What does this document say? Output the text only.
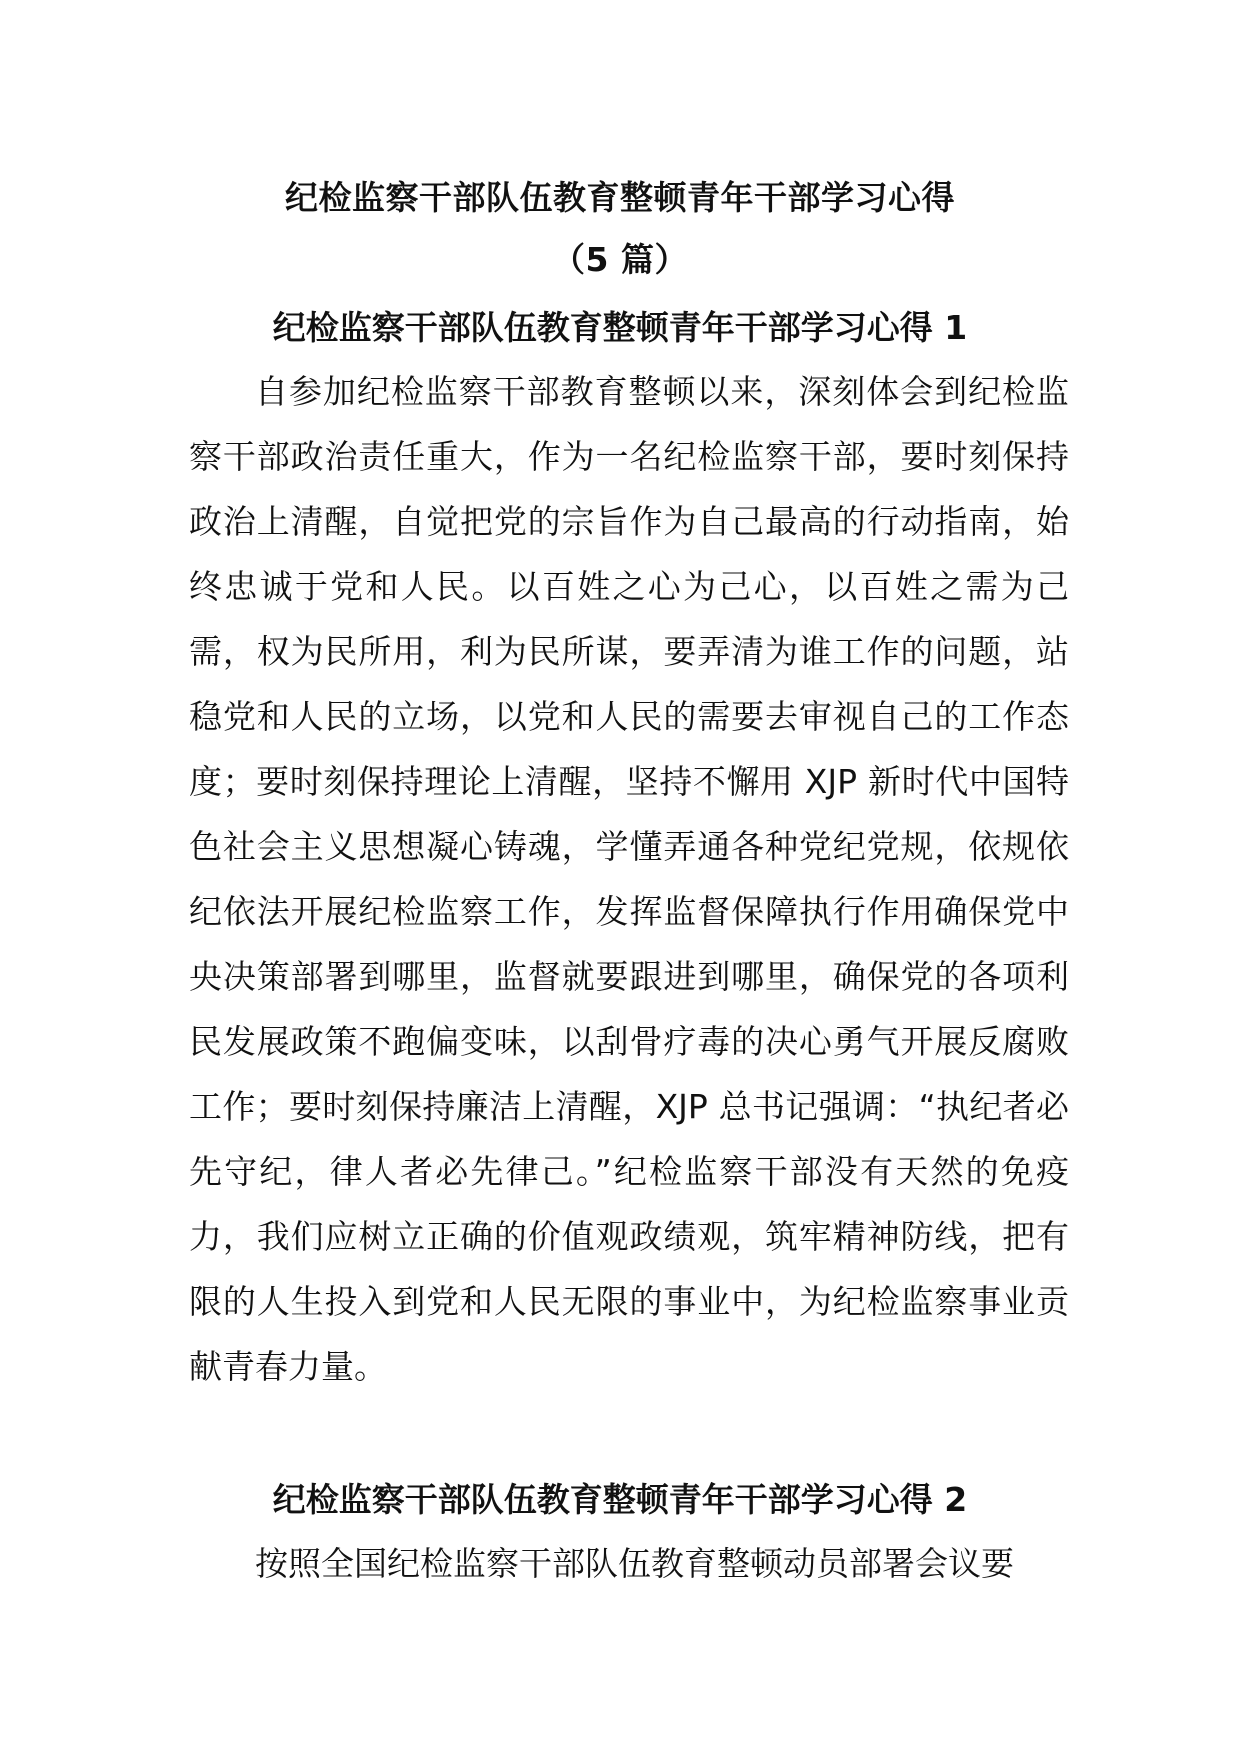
纪检监察干部队伍教育整顿青年干部学习心得
（5 篇）
纪检监察干部队伍教育整顿青年干部学习心得 1

自参加纪检监察干部教育整顿以来，深刻体会到纪检监察干部政治责任重大，作为一名纪检监察干部，要时刻保持政治上清醒，自觉把党的宗旨作为自己最高的行动指南，始终忠诚于党和人民。以百姓之心为己心，以百姓之需为己需，权为民所用，利为民所谋，要弄清为谁工作的问题，站稳党和人民的立场，以党和人民的需要去审视自己的工作态度；要时刻保持理论上清醒，坚持不懈用 XJP 新时代中国特色社会主义思想凝心铸魂，学懂弄通各种党纪党规，依规依纪依法开展纪检监察工作，发挥监督保障执行作用确保党中央决策部署到哪里，监督就要跟进到哪里，确保党的各项利民发展政策不跑偏变味，以刮骨疗毒的决心勇气开展反腐败工作；要时刻保持廉洁上清醒，XJP 总书记强调：“执纪者必先守纪，律人者必先律己。”纪检监察干部没有天然的免疫力，我们应树立正确的价值观政绩观，筑牢精神防线，把有限的人生投入到党和人民无限的事业中，为纪检监察事业贡献青春力量。

纪检监察干部队伍教育整顿青年干部学习心得 2

按照全国纪检监察干部队伍教育整顿动员部署会议要
